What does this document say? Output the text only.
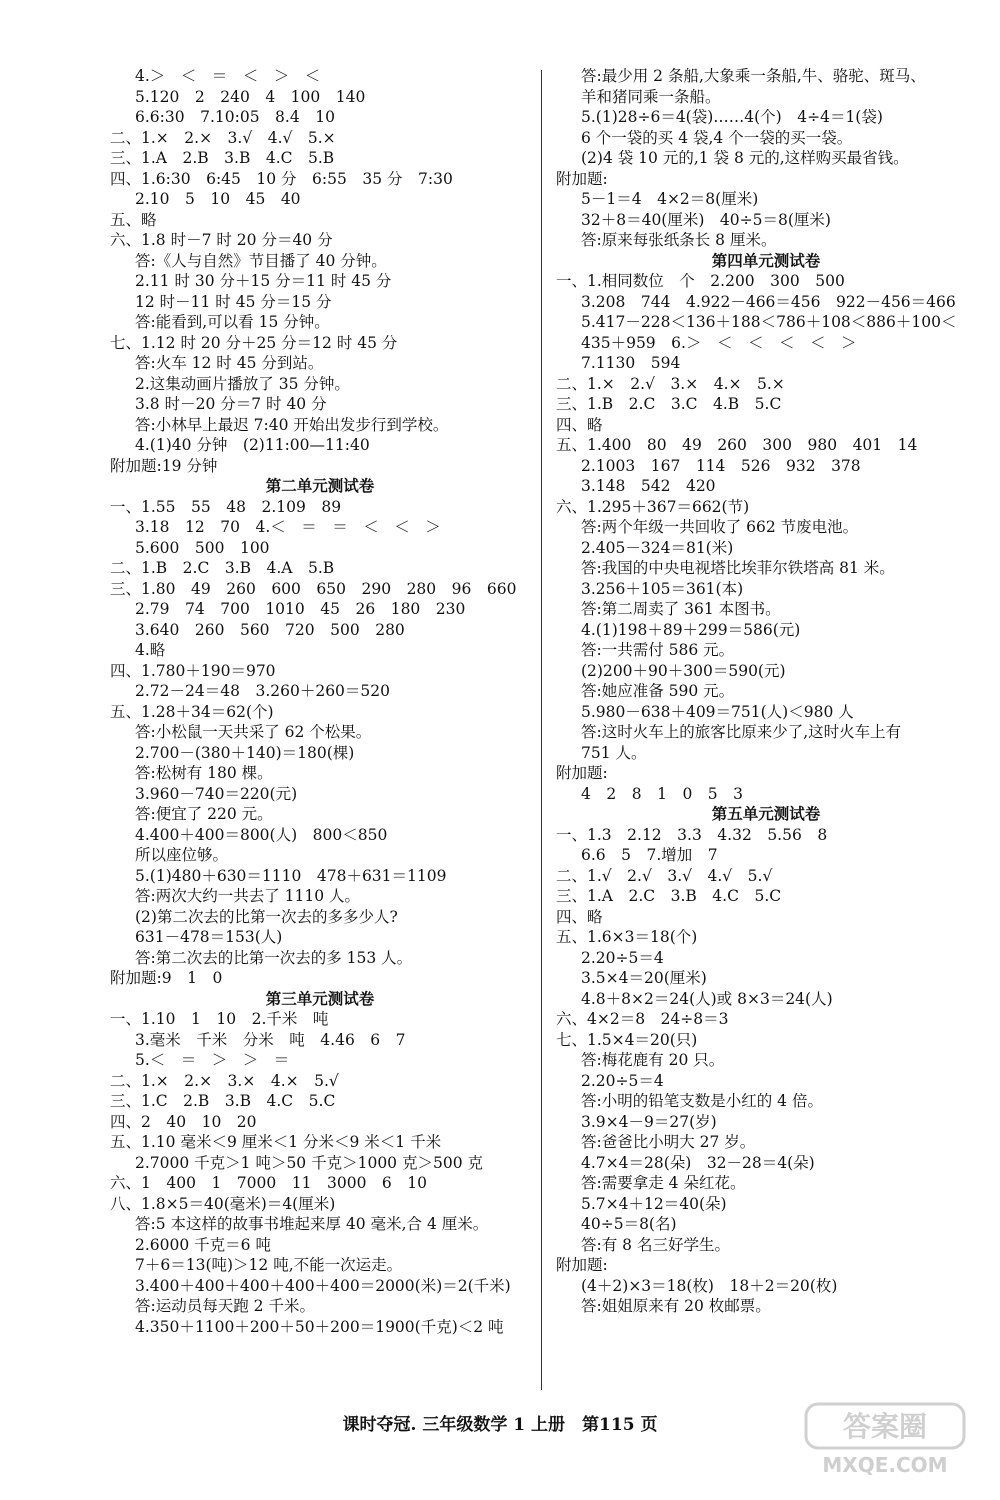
4.＞　＜　＝　＜　＞　＜
5.120　2　240　4　100　140
6.6:30　7.10:05　8.4　10
二、1.×　2.×　3.√　4.√　5.×
三、1.A　2.B　3.B　4.C　5.B
四、1.6:30　6:45　10 分　6:55　35 分　7:30
2.10　5　10　45　40
五、略
六、1.8 时－7 时 20 分＝40 分
答:《人与自然》节目播了 40 分钟。
2.11 时 30 分＋15 分＝11 时 45 分
12 时－11 时 45 分＝15 分
答:能看到,可以看 15 分钟。
七、1.12 时 20 分＋25 分＝12 时 45 分
答:火车 12 时 45 分到站。
2.这集动画片播放了 35 分钟。
3.8 时－20 分＝7 时 40 分
答:小林早上最迟 7:40 开始出发步行到学校。
4.(1)40 分钟　(2)11:00—11:40
附加题:19 分钟
第二单元测试卷
一、1.55　55　48　2.109　89
3.18　12　70　4.＜　＝　＝　＜　＜　＞
5.600　500　100
二、1.B　2.C　3.B　4.A　5.B
三、1.80　49　260　600　650　290　280　96　660
2.79　74　700　1010　45　26　180　230
3.640　260　560　720　500　280
4.略
四、1.780＋190＝970
2.72－24＝48　3.260＋260＝520
五、1.28＋34＝62(个)
答:小松鼠一天共采了 62 个松果。
2.700－(380＋140)＝180(棵)
答:松树有 180 棵。
3.960－740＝220(元)
答:便宜了 220 元。
4.400＋400＝800(人)　800＜850
所以座位够。
5.(1)480＋630＝1110　478＋631＝1109
答:两次大约一共去了 1110 人。
(2)第二次去的比第一次去的多多少人?
631－478＝153(人)
答:第二次去的比第一次去的多 153 人。
附加题:9　1　0
第三单元测试卷
一、1.10　1　10　2.千米　吨
3.毫米　千米　分米　吨　4.46　6　7
5.＜　＝　＞　＞　＝
二、1.×　2.×　3.×　4.×　5.√
三、1.C　2.B　3.B　4.C　5.C
四、2　40　10　20
五、1.10 毫米＜9 厘米＜1 分米＜9 米＜1 千米
2.7000 千克＞1 吨＞50 千克＞1000 克＞500 克
六、1　400　1　7000　11　3000　6　10
八、1.8×5＝40(毫米)＝4(厘米)
答:5 本这样的故事书堆起来厚 40 毫米,合 4 厘米。
2.6000 千克＝6 吨
7＋6＝13(吨)＞12 吨,不能一次运走。
3.400＋400＋400＋400＋400＝2000(米)＝2(千米)
答:运动员每天跑 2 千米。
4.350＋1100＋200＋50＋200＝1900(千克)＜2 吨
答:最少用 2 条船,大象乘一条船,牛、骆驼、斑马、
羊和猪同乘一条船。
5.(1)28÷6＝4(袋)……4(个)　4÷4＝1(袋)
6 个一袋的买 4 袋,4 个一袋的买一袋。
(2)4 袋 10 元的,1 袋 8 元的,这样购买最省钱。
附加题:
5－1＝4　4×2＝8(厘米)
32＋8＝40(厘米)　40÷5＝8(厘米)
答:原来每张纸条长 8 厘米。
第四单元测试卷
一、1.相同数位　个　2.200　300　500
3.208　744　4.922－466＝456　922－456＝466
5.417－228＜136＋188＜786＋108＜886＋100＜
435＋959　6.＞　＜　＜　＜　＜　＞
7.1130　594
二、1.×　2.√　3.×　4.×　5.×
三、1.B　2.C　3.C　4.B　5.C
四、略
五、1.400　80　49　260　300　980　401　14
2.1003　167　114　526　932　378
3.148　542　420
六、1.295＋367＝662(节)
答:两个年级一共回收了 662 节废电池。
2.405－324＝81(米)
答:我国的中央电视塔比埃菲尔铁塔高 81 米。
3.256＋105＝361(本)
答:第二周卖了 361 本图书。
4.(1)198＋89＋299＝586(元)
答:一共需付 586 元。
(2)200＋90＋300＝590(元)
答:她应准备 590 元。
5.980－638＋409＝751(人)＜980 人
答:这时火车上的旅客比原来少了,这时火车上有
751 人。
附加题:
4　2　8　1　0　5　3
第五单元测试卷
一、1.3　2.12　3.3　4.32　5.56　8
6.6　5　7.增加　7
二、1.√　2.√　3.√　4.√　5.√
三、1.A　2.C　3.B　4.C　5.C
四、略
五、1.6×3＝18(个)
2.20÷5＝4
3.5×4＝20(厘米)
4.8＋8×2＝24(人)或 8×3＝24(人)
六、4×2＝8　24÷8＝3
七、1.5×4＝20(只)
答:梅花鹿有 20 只。
2.20÷5＝4
答:小明的铅笔支数是小红的 4 倍。
3.9×4－9＝27(岁)
答:爸爸比小明大 27 岁。
4.7×4＝28(朵)　32－28＝4(朵)
答:需要拿走 4 朵红花。
5.7×4＋12＝40(朵)
40÷5＝8(名)
答:有 8 名三好学生。
附加题:
(4＋2)×3＝18(枚)　18＋2＝20(枚)
答:姐姐原来有 20 枚邮票。
课时夺冠. 三年级数学 1 上册　第115 页	答案圈
MXQE.COM
